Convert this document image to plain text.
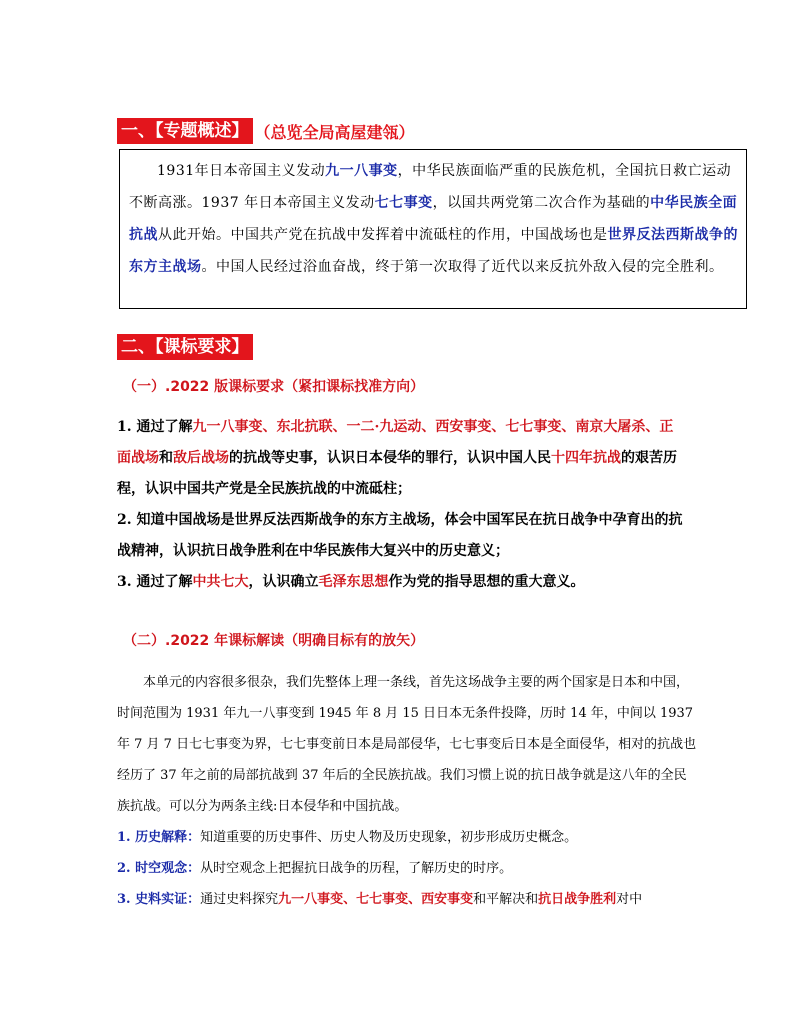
一、【专题概述】 （总览全局高屋建瓴）

1931年日本帝国主义发动九一八事变，中华民族面临严重的民族危机，全国抗日救亡运动不断高涨。1937 年日本帝国主义发动七七事变，以国共两党第二次合作为基础的中华民族全面抗战从此开始。中国共产党在抗战中发挥着中流砥柱的作用，中国战场也是世界反法西斯战争的东方主战场。中国人民经过浴血奋战，终于第一次取得了近代以来反抗外敌入侵的完全胜利。

二、【课标要求】
（一）.2022 版课标要求（紧扣课标找准方向）

1. 通过了解九一八事变、东北抗联、一二·九运动、西安事变、七七事变、南京大屠杀、正面战场和敌后战场的抗战等史事，认识日本侵华的罪行，认识中国人民十四年抗战的艰苦历程，认识中国共产党是全民族抗战的中流砥柱；

2. 知道中国战场是世界反法西斯战争的东方主战场，体会中国军民在抗日战争中孕育出的抗战精神，认识抗日战争胜利在中华民族伟大复兴中的历史意义；

3. 通过了解中共七大，认识确立毛泽东思想作为党的指导思想的重大意义。

（二）.2022 年课标解读（明确目标有的放矢）

本单元的内容很多很杂，我们先整体上理一条线，首先这场战争主要的两个国家是日本和中国，时间范围为 1931 年九一八事变到 1945 年 8 月 15 日日本无条件投降，历时 14 年，中间以 1937 年 7 月 7 日七七事变为界，七七事变前日本是局部侵华，七七事变后日本是全面侵华，相对的抗战也经历了 37 年之前的局部抗战到 37 年后的全民族抗战。我们习惯上说的抗日战争就是这八年的全民族抗战。可以分为两条主线:日本侵华和中国抗战。

1. 历史解释：知道重要的历史事件、历史人物及历史现象，初步形成历史概念。

2. 时空观念：从时空观念上把握抗日战争的历程，了解历史的时序。

3. 史料实证：通过史料探究九一八事变、七七事变、西安事变和平解决和抗日战争胜利对中
